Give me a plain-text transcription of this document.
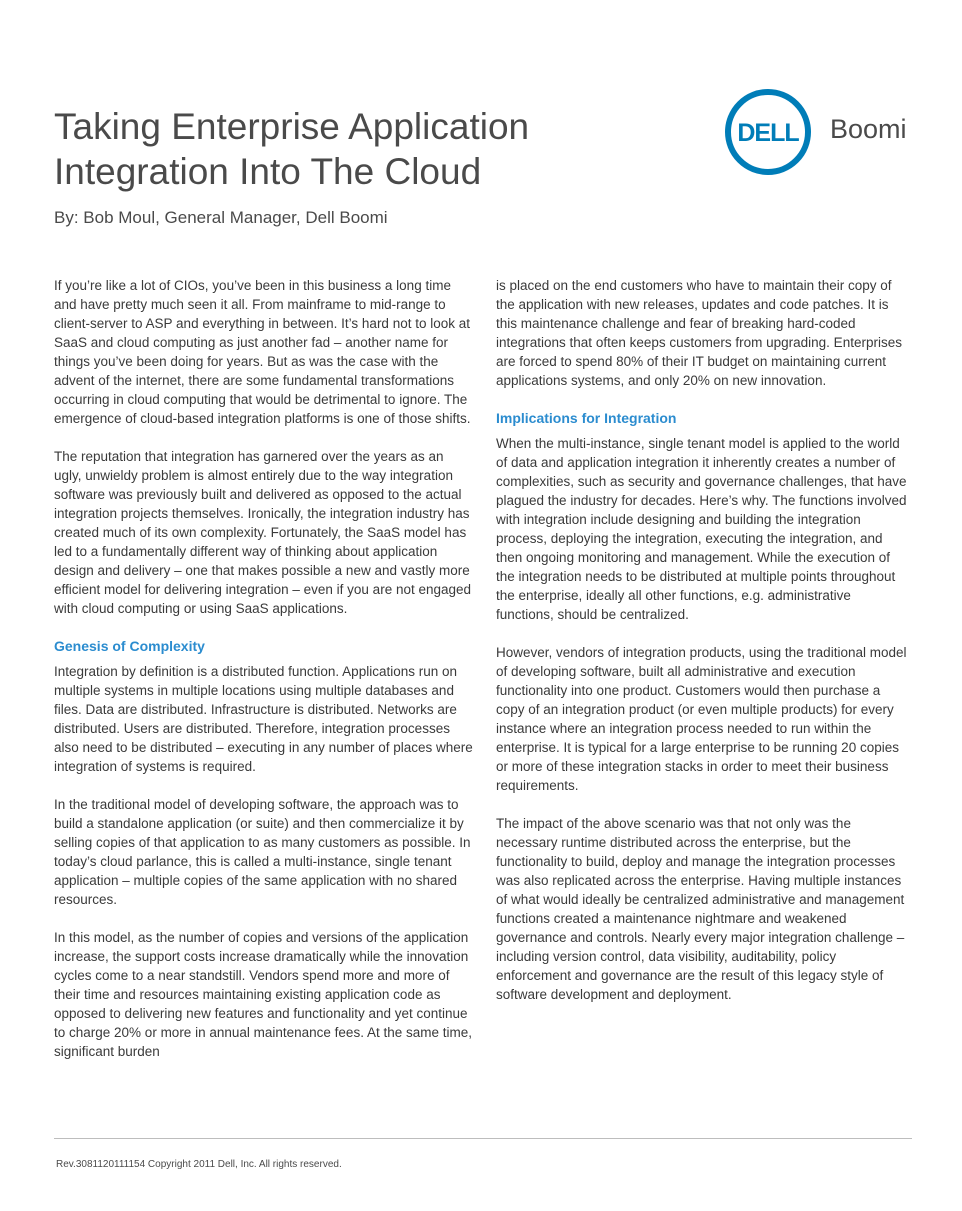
Taking Enterprise Application
Integration Into The Cloud
By: Bob Moul, General Manager, Dell Boomi
DELL Boomi

If you’re like a lot of CIOs, you’ve been in this business a long time and have pretty much seen it all. From mainframe to mid-range to client-server to ASP and everything in between. It’s hard not to look at SaaS and cloud computing as just another fad – another name for things you’ve been doing for years. But as was the case with the advent of the internet, there are some fundamental transformations occurring in cloud computing that would be detrimental to ignore. The emergence of cloud-based integration platforms is one of those shifts.

The reputation that integration has garnered over the years as an ugly, unwieldy problem is almost entirely due to the way integration software was previously built and delivered as opposed to the actual integration projects themselves. Ironically, the integration industry has created much of its own complexity. Fortunately, the SaaS model has led to a fundamentally different way of thinking about application design and delivery – one that makes possible a new and vastly more efficient model for delivering integration – even if you are not engaged with cloud computing or using SaaS applications.

Genesis of Complexity

Integration by definition is a distributed function. Applications run on multiple systems in multiple locations using multiple databases and files. Data are distributed. Infrastructure is distributed. Networks are distributed. Users are distributed. Therefore, integration processes also need to be distributed – executing in any number of places where integration of systems is required.

In the traditional model of developing software, the approach was to build a standalone application (or suite) and then commercialize it by selling copies of that application to as many customers as possible. In today’s cloud parlance, this is called a multi-instance, single tenant application – multiple copies of the same application with no shared resources.

In this model, as the number of copies and versions of the application increase, the support costs increase dramatically while the innovation cycles come to a near standstill. Vendors spend more and more of their time and resources maintaining existing application code as opposed to delivering new features and functionality and yet continue to charge 20% or more in annual maintenance fees. At the same time, significant burden

is placed on the end customers who have to maintain their copy of the application with new releases, updates and code patches. It is this maintenance challenge and fear of breaking hard-coded integrations that often keeps customers from upgrading. Enterprises are forced to spend 80% of their IT budget on maintaining current applications systems, and only 20% on new innovation.

Implications for Integration

When the multi-instance, single tenant model is applied to the world of data and application integration it inherently creates a number of complexities, such as security and governance challenges, that have plagued the industry for decades. Here’s why. The functions involved with integration include designing and building the integration process, deploying the integration, executing the integration, and then ongoing monitoring and management. While the execution of the integration needs to be distributed at multiple points throughout the enterprise, ideally all other functions, e.g. administrative functions, should be centralized.

However, vendors of integration products, using the traditional model of developing software, built all administrative and execution functionality into one product. Customers would then purchase a copy of an integration product (or even multiple products) for every instance where an integration process needed to run within the enterprise. It is typical for a large enterprise to be running 20 copies or more of these integration stacks in order to meet their business requirements.

The impact of the above scenario was that not only was the necessary runtime distributed across the enterprise, but the functionality to build, deploy and manage the integration processes was also replicated across the enterprise. Having multiple instances of what would ideally be centralized administrative and management functions created a maintenance nightmare and weakened governance and controls. Nearly every major integration challenge – including version control, data visibility, auditability, policy enforcement and governance are the result of this legacy style of software development and deployment.

Rev.3081120111154 Copyright 2011 Dell, Inc. All rights reserved.
